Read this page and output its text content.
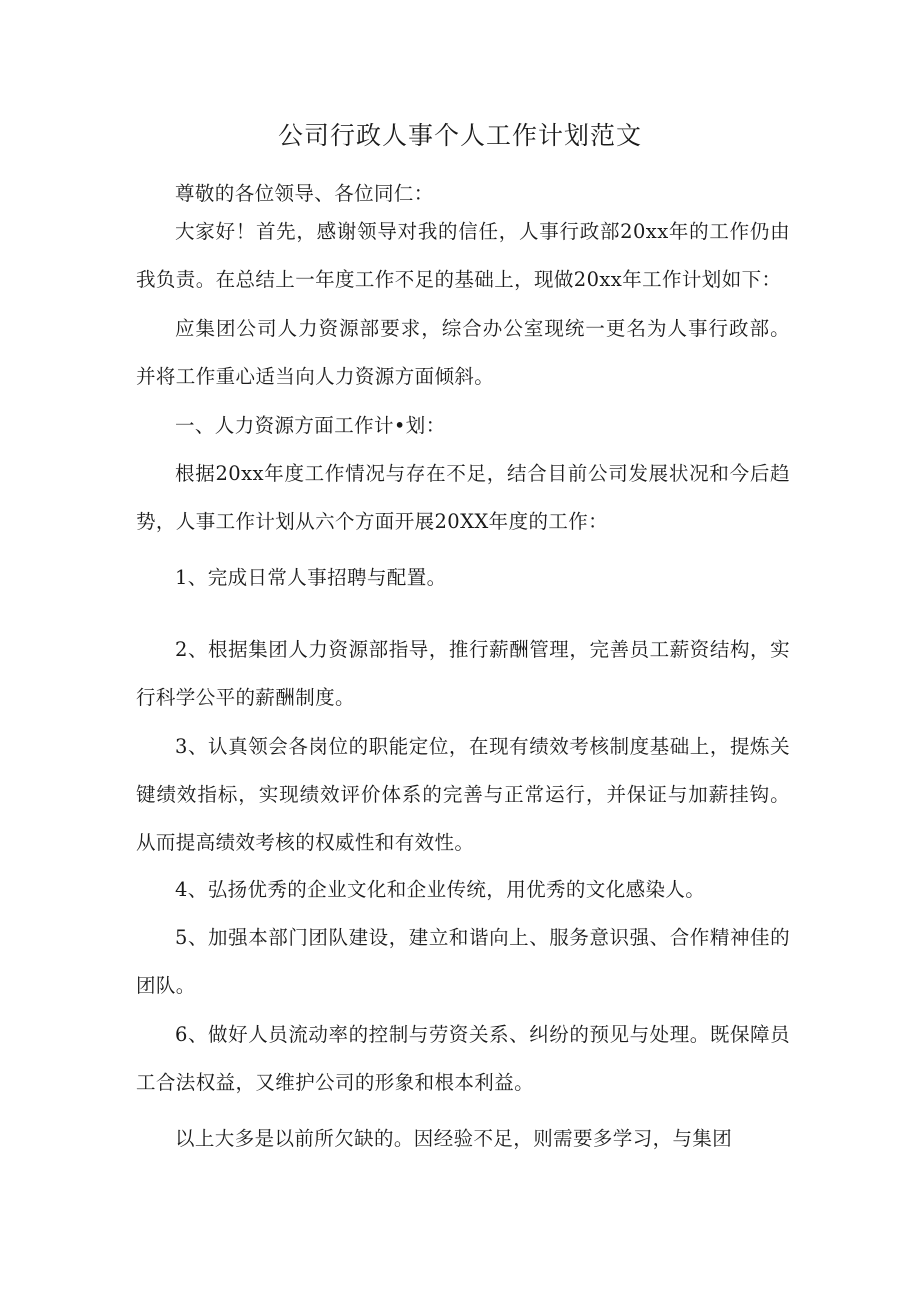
公司行政人事个人工作计划范文

尊敬的各位领导、各位同仁：

大家好！首先，感谢领导对我的信任，人事行政部20xx年的工作仍由我负责。在总结上一年度工作不足的基础上，现做20xx年工作计划如下：

应集团公司人力资源部要求，综合办公室现统一更名为人事行政部。并将工作重心适当向人力资源方面倾斜。

一、人力资源方面工作计•划：

根据20xx年度工作情况与存在不足，结合目前公司发展状况和今后趋势，人事工作计划从六个方面开展20XX年度的工作：

1、完成日常人事招聘与配置。

2、根据集团人力资源部指导，推行薪酬管理，完善员工薪资结构，实行科学公平的薪酬制度。

3、认真领会各岗位的职能定位，在现有绩效考核制度基础上，提炼关键绩效指标，实现绩效评价体系的完善与正常运行，并保证与加薪挂钩。从而提高绩效考核的权威性和有效性。

4、弘扬优秀的企业文化和企业传统，用优秀的文化感染人。

5、加强本部门团队建设，建立和谐向上、服务意识强、合作精神佳的团队。

6、做好人员流动率的控制与劳资关系、纠纷的预见与处理。既保障员工合法权益，又维护公司的形象和根本利益。

以上大多是以前所欠缺的。因经验不足，则需要多学习，与集团
